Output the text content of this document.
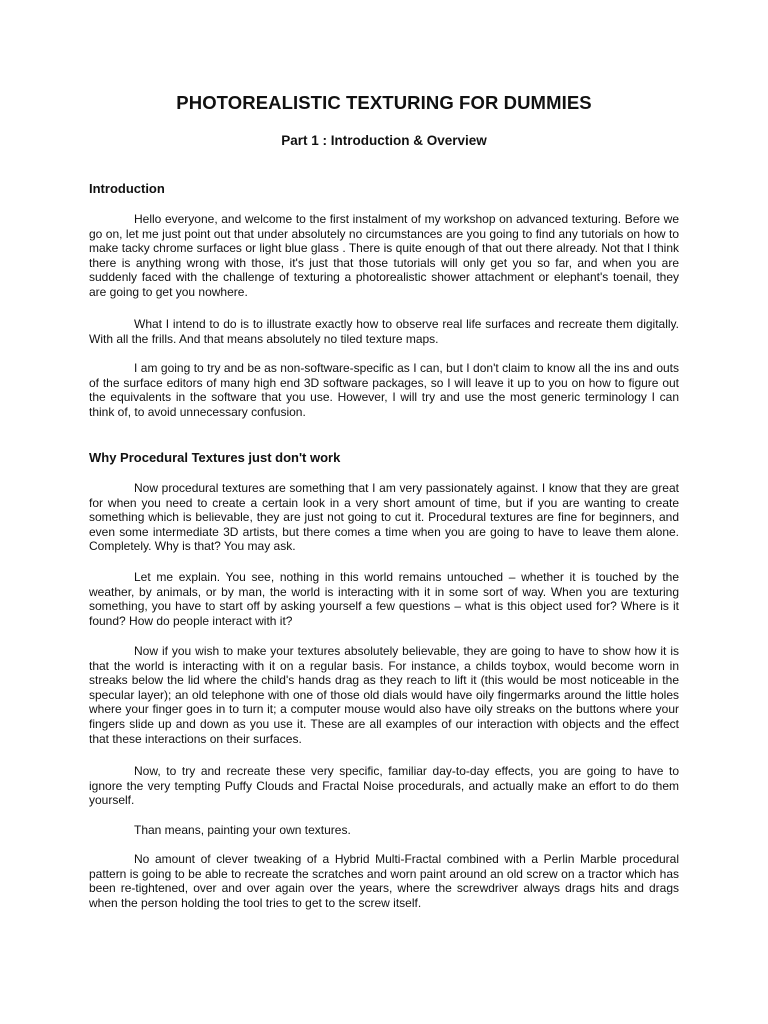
PHOTOREALISTIC TEXTURING FOR DUMMIES
Part 1 : Introduction & Overview
Introduction

Hello everyone, and welcome to the first instalment of my workshop on advanced texturing. Before we go on, let me just point out that under absolutely no circumstances are you going to find any tutorials on how to make tacky chrome surfaces or light blue glass . There is quite enough of that out there already. Not that I think there is anything wrong with those, it's just that those tutorials will only get you so far, and when you are suddenly faced with the challenge of texturing a photorealistic shower attachment or elephant's toenail, they are going to get you nowhere.

What I intend to do is to illustrate exactly how to observe real life surfaces and recreate them digitally. With all the frills. And that means absolutely no tiled texture maps.

I am going to try and be as non-software-specific as I can, but I don't claim to know all the ins and outs of the surface editors of many high end 3D software packages, so I will leave it up to you on how to figure out the equivalents in the software that you use. However, I will try and use the most generic terminology I can think of, to avoid unnecessary confusion.

Why Procedural Textures just don't work

Now procedural textures are something that I am very passionately against. I know that they are great for when you need to create a certain look in a very short amount of time, but if you are wanting to create something which is believable, they are just not going to cut it. Procedural textures are fine for beginners, and even some intermediate 3D artists, but there comes a time when you are going to have to leave them alone. Completely. Why is that? You may ask.

Let me explain. You see, nothing in this world remains untouched – whether it is touched by the weather, by animals, or by man, the world is interacting with it in some sort of way. When you are texturing something, you have to start off by asking yourself a few questions – what is this object used for? Where is it found? How do people interact with it?

Now if you wish to make your textures absolutely believable, they are going to have to show how it is that the world is interacting with it on a regular basis. For instance, a childs toybox, would become worn in streaks below the lid where the child's hands drag as they reach to lift it (this would be most noticeable in the specular layer); an old telephone with one of those old dials would have oily fingermarks around the little holes where your finger goes in to turn it; a computer mouse would also have oily streaks on the buttons where your fingers slide up and down as you use it. These are all examples of our interaction with objects and the effect that these interactions on their surfaces.

Now, to try and recreate these very specific, familiar day-to-day effects, you are going to have to ignore the very tempting Puffy Clouds and Fractal Noise procedurals, and actually make an effort to do them yourself.

Than means, painting your own textures.

No amount of clever tweaking of a Hybrid Multi-Fractal combined with a Perlin Marble procedural pattern is going to be able to recreate the scratches and worn paint around an old screw on a tractor which has been re-tightened, over and over again over the years, where the screwdriver always drags hits and drags when the person holding the tool tries to get to the screw itself.
